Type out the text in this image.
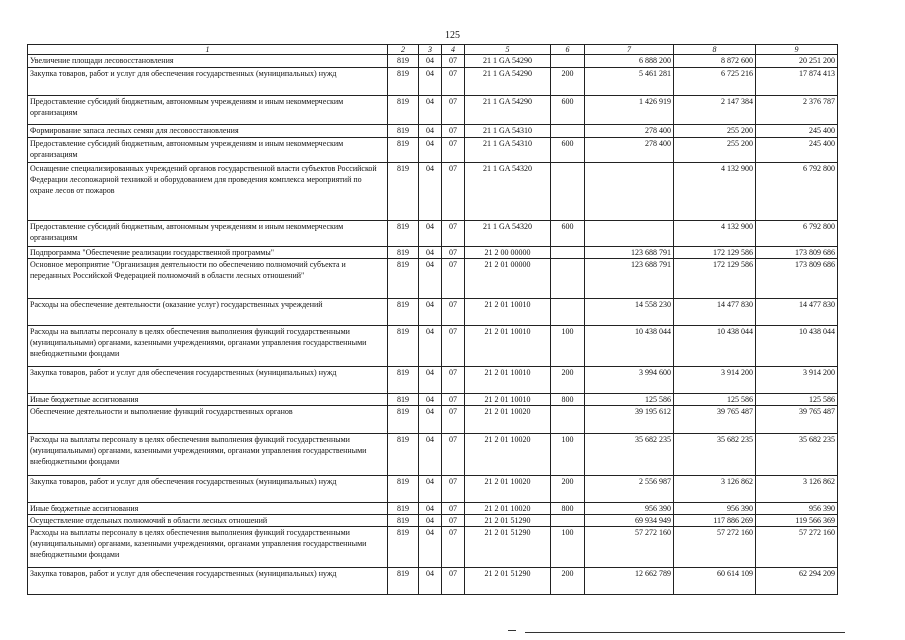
125
1	2	3	4	5	6	7	8	9
Увеличение площади лесовосстановления	819	04	07	21 1 GA 54290		6 888 200	8 872 600	20 251 200
Закупка товаров, работ и услуг для обеспечения государственных (муниципальных) нужд	819	04	07	21 1 GA 54290	200	5 461 281	6 725 216	17 874 413
Предоставление субсидий бюджетным, автономным учреждениям и иным некоммерческим организациям	819	04	07	21 1 GA 54290	600	1 426 919	2 147 384	2 376 787
Формирование запаса лесных семян для лесовосстановления	819	04	07	21 1 GA 54310		278 400	255 200	245 400
Предоставление субсидий бюджетным, автономным учреждениям и иным некоммерческим организациям	819	04	07	21 1 GA 54310	600	278 400	255 200	245 400
Оснащение специализированных учреждений органов государственной власти субъектов Российской Федерации лесопожарной техникой и оборудованием для проведения комплекса мероприятий по охране лесов от пожаров	819	04	07	21 1 GA 54320			4 132 900	6 792 800
Предоставление субсидий бюджетным, автономным учреждениям и иным некоммерческим организациям	819	04	07	21 1 GA 54320	600		4 132 900	6 792 800
Подпрограмма "Обеспечение реализации государственной программы"	819	04	07	21 2 00 00000		123 688 791	172 129 586	173 809 686
Основное мероприятие "Организация деятельности по обеспечению полномочий субъекта и переданных Российской Федерацией полномочий в области лесных отношений"	819	04	07	21 2 01 00000		123 688 791	172 129 586	173 809 686
Расходы на обеспечение деятельности (оказание услуг) государственных учреждений	819	04	07	21 2 01 10010		14 558 230	14 477 830	14 477 830
Расходы на выплаты персоналу в целях обеспечения выполнения функций государственными (муниципальными) органами, казенными учреждениями, органами управления государственными внебюджетными фондами	819	04	07	21 2 01 10010	100	10 438 044	10 438 044	10 438 044
Закупка товаров, работ и услуг для обеспечения государственных (муниципальных) нужд	819	04	07	21 2 01 10010	200	3 994 600	3 914 200	3 914 200
Иные бюджетные ассигнования	819	04	07	21 2 01 10010	800	125 586	125 586	125 586
Обеспечение деятельности и выполнение функций государственных органов	819	04	07	21 2 01 10020		39 195 612	39 765 487	39 765 487
Расходы на выплаты персоналу в целях обеспечения выполнения функций государственными (муниципальными) органами, казенными учреждениями, органами управления государственными внебюджетными фондами	819	04	07	21 2 01 10020	100	35 682 235	35 682 235	35 682 235
Закупка товаров, работ и услуг для обеспечения государственных (муниципальных) нужд	819	04	07	21 2 01 10020	200	2 556 987	3 126 862	3 126 862
Иные бюджетные ассигнования	819	04	07	21 2 01 10020	800	956 390	956 390	956 390
Осуществление отдельных полномочий в области лесных отношений	819	04	07	21 2 01 51290		69 934 949	117 886 269	119 566 369
Расходы на выплаты персоналу в целях обеспечения выполнения функций государственными (муниципальными) органами, казенными учреждениями, органами управления государственными внебюджетными фондами	819	04	07	21 2 01 51290	100	57 272 160	57 272 160	57 272 160
Закупка товаров, работ и услуг для обеспечения государственных (муниципальных) нужд	819	04	07	21 2 01 51290	200	12 662 789	60 614 109	62 294 209
